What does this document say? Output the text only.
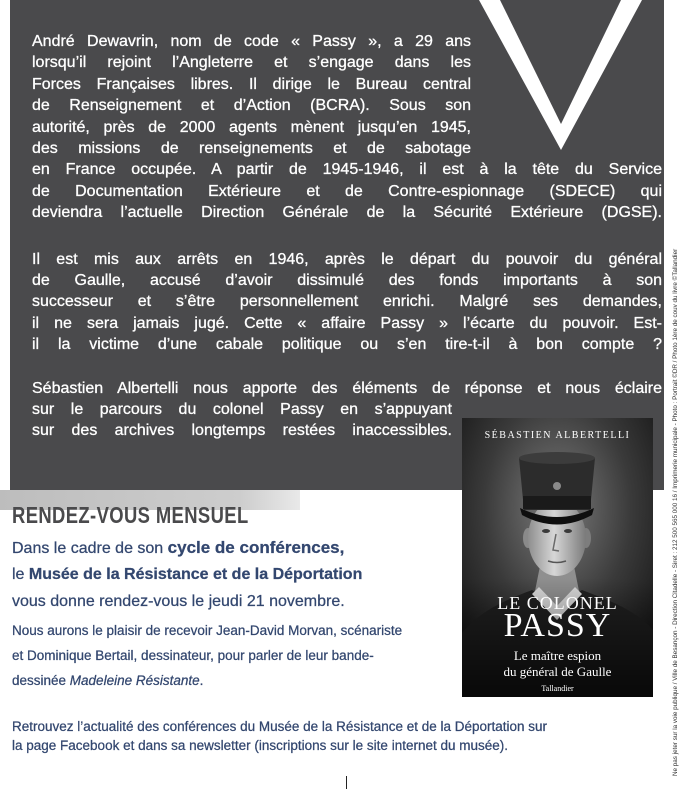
André Dewavrin, nom de code « Passy », a 29 ans
lorsqu’il rejoint l’Angleterre et s’engage dans les
Forces Françaises libres. Il dirige le Bureau central
de Renseignement et d’Action (BCRA). Sous son
autorité, près de 2000 agents mènent jusqu’en 1945,
des missions de renseignements et de sabotage
en France occupée. A partir de 1945-1946, il est à la tête du Service
de Documentation Extérieure et de Contre-espionnage (SDECE) qui
deviendra l’actuelle Direction Générale de la Sécurité Extérieure (DGSE).
Il est mis aux arrêts en 1946, après le départ du pouvoir du général
de Gaulle, accusé d’avoir dissimulé des fonds importants à son
successeur et s’être personnellement enrichi. Malgré ses demandes,
il ne sera jamais jugé. Cette « affaire Passy » l’écarte du pouvoir. Est-
il la victime d’une cabale politique ou s’en tire-t-il à bon compte ?
Sébastien Albertelli nous apporte des éléments de réponse et nous éclaire
sur le parcours du colonel Passy en s’appuyant
sur des archives longtemps restées inaccessibles.	SÉBASTIEN ALBERTELLI
LE COLONEL
PASSY
Le maître espion
du général de Gaulle
Tallandier
RENDEZ-VOUS MENSUEL
Dans le cadre de son cycle de conférences,
le Musée de la Résistance et de la Déportation
vous donne rendez-vous le jeudi 21 novembre.
Nous aurons le plaisir de recevoir Jean-David Morvan, scénariste
et Dominique Bertail, dessinateur, pour parler de leur bande-
dessinée Madeleine Résistante.
Retrouvez l’actualité des conférences du Musée de la Résistance et de la Déportation sur
la page Facebook et dans sa newsletter (inscriptions sur le site internet du musée).	Ne pas jeter sur la voie publique / Ville de Besançon - Direction Citadelle - Siret : 212 500 565 000 16 / Imprimerie municipale - Photo : Portrait ©DR / Photo 1ère de couv du livre ©Tallandier
